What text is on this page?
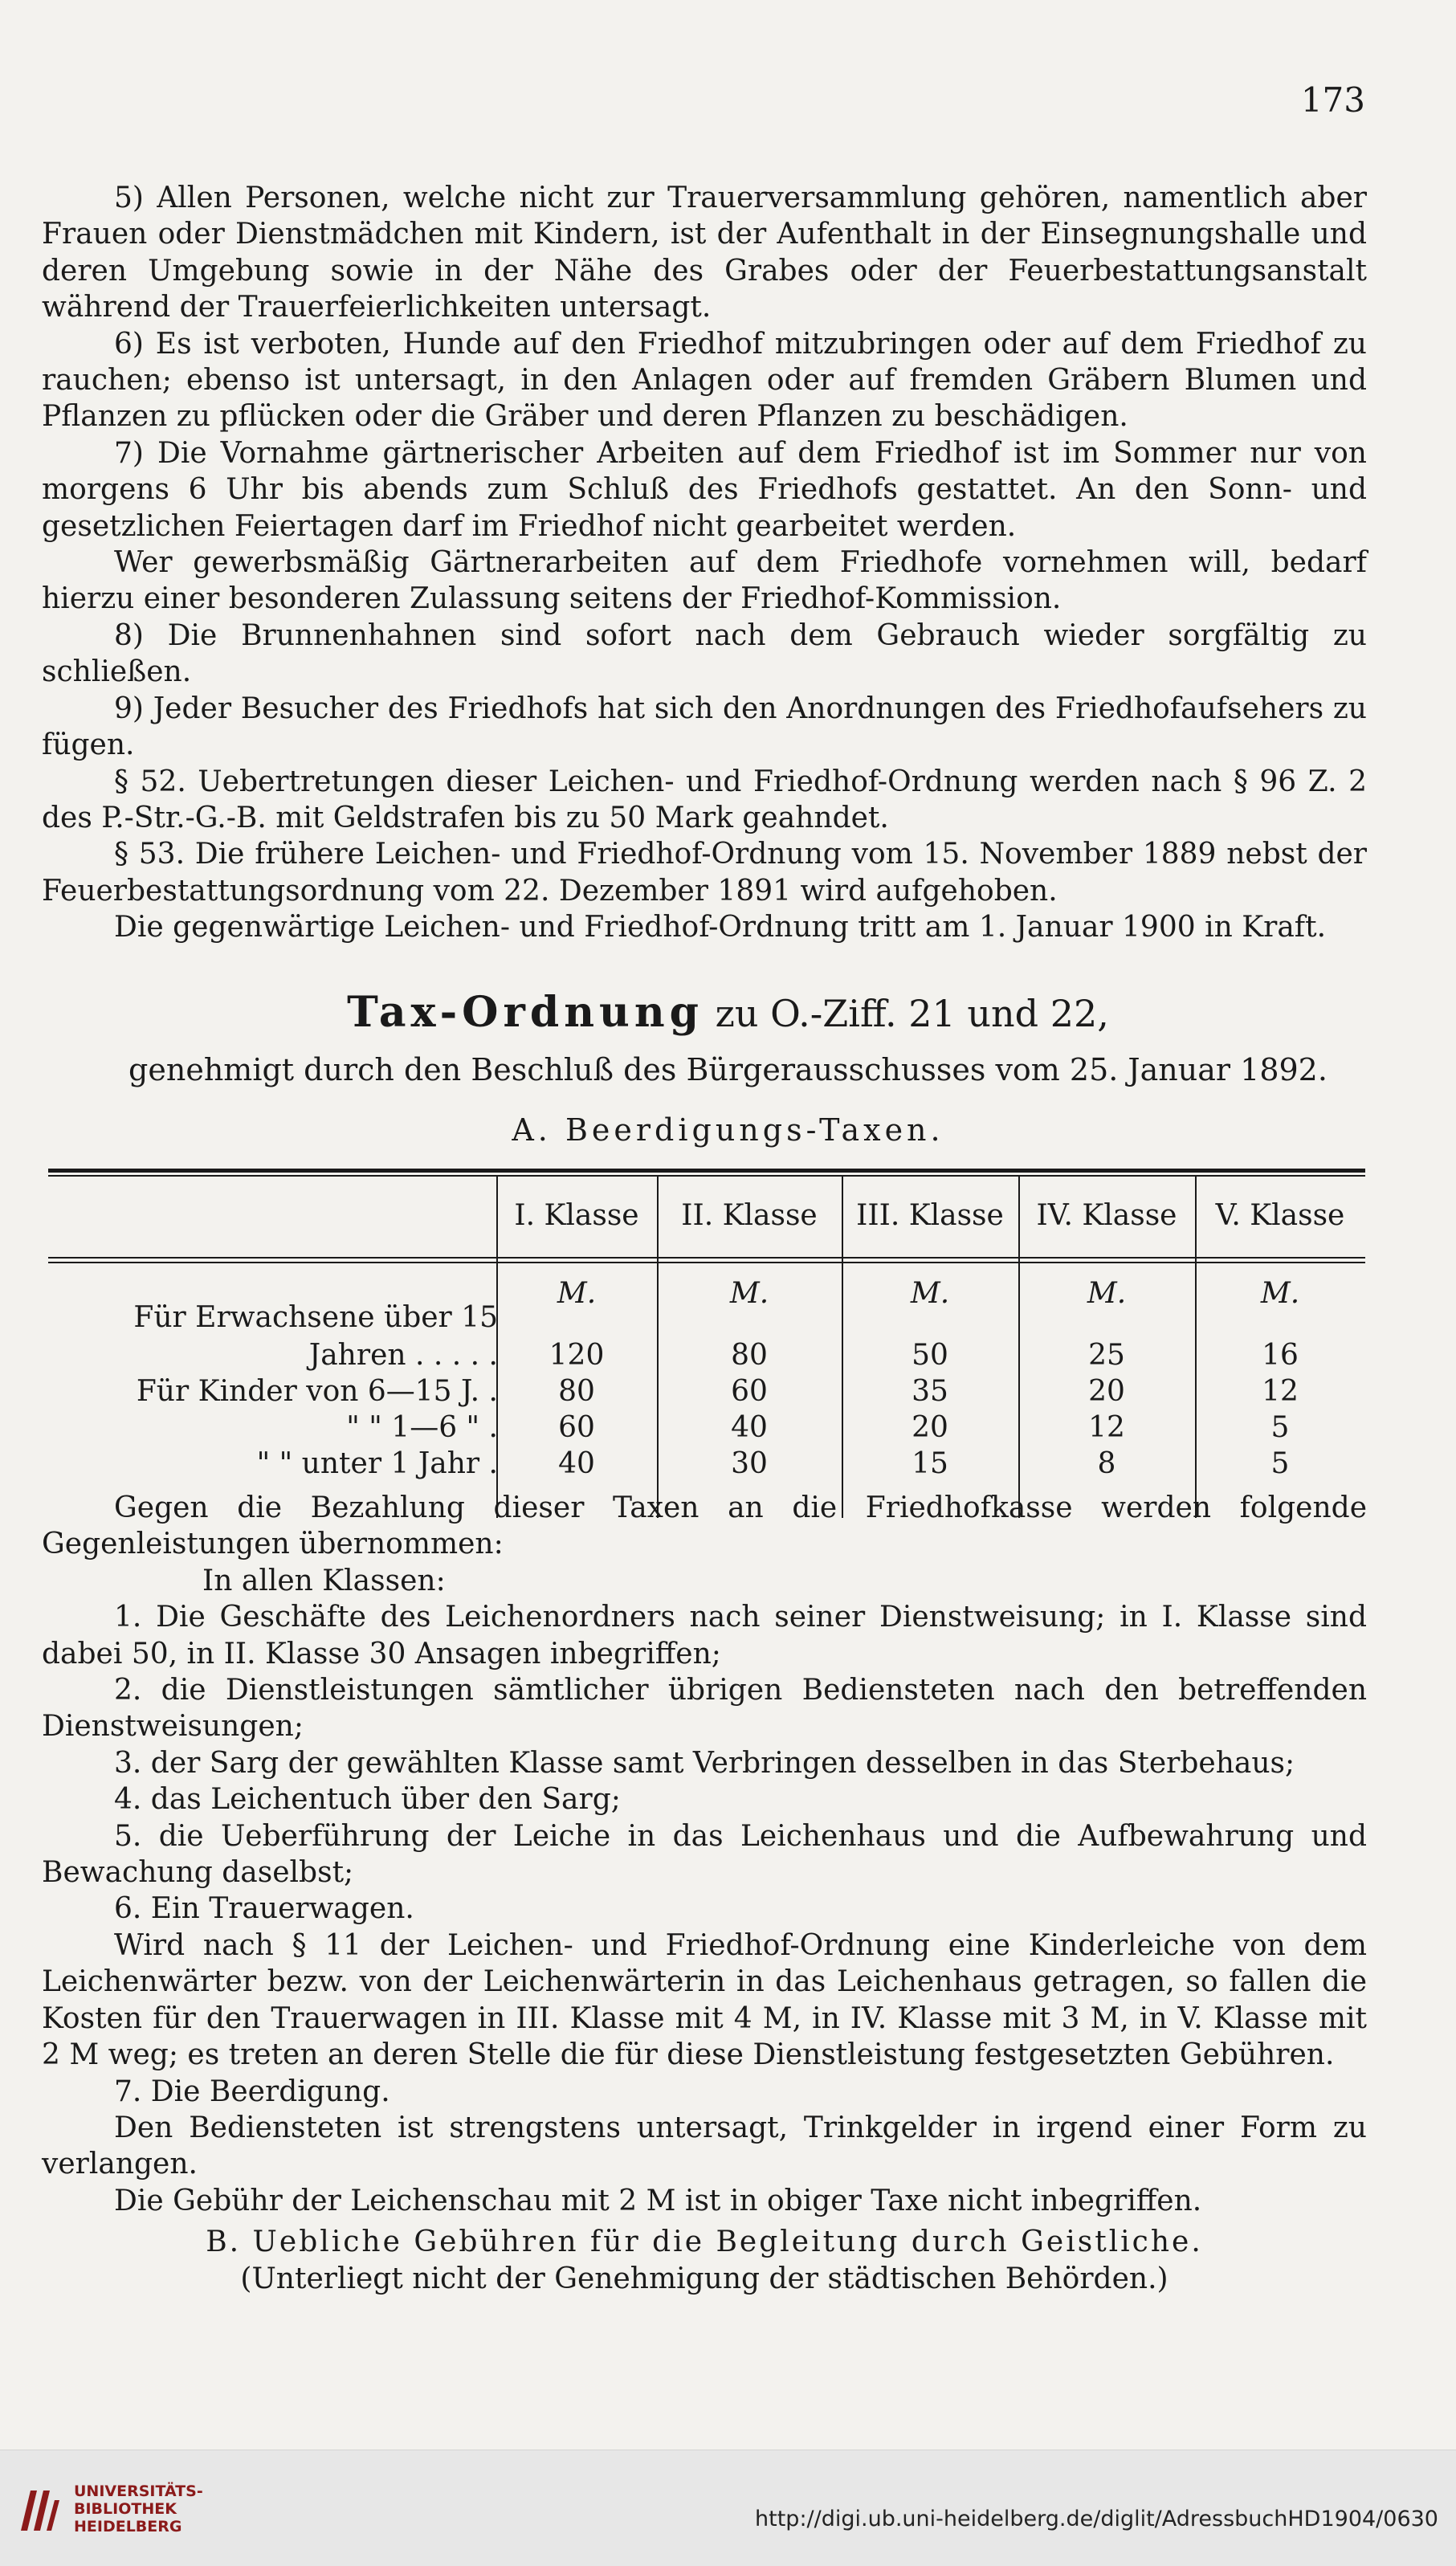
173

5) Allen Personen, welche nicht zur Trauerversammlung gehören, namentlich aber Frauen oder Dienstmädchen mit Kindern, ist der Aufenthalt in der Einsegnungshalle und deren Umgebung sowie in der Nähe des Grabes oder der Feuerbestattungsanstalt während der Trauerfeierlichkeiten untersagt.

6) Es ist verboten, Hunde auf den Friedhof mitzubringen oder auf dem Friedhof zu rauchen; ebenso ist untersagt, in den Anlagen oder auf fremden Gräbern Blumen und Pflanzen zu pflücken oder die Gräber und deren Pflanzen zu beschädigen.

7) Die Vornahme gärtnerischer Arbeiten auf dem Friedhof ist im Sommer nur von morgens 6 Uhr bis abends zum Schluß des Friedhofs gestattet. An den Sonn- und gesetzlichen Feiertagen darf im Friedhof nicht gearbeitet werden.

Wer gewerbsmäßig Gärtnerarbeiten auf dem Friedhofe vornehmen will, bedarf hierzu einer besonderen Zulassung seitens der Friedhof-Kommission.

8) Die Brunnenhahnen sind sofort nach dem Gebrauch wieder sorgfältig zu schließen.

9) Jeder Besucher des Friedhofs hat sich den Anordnungen des Friedhofaufsehers zu fügen.

§ 52. Uebertretungen dieser Leichen- und Friedhof-Ordnung werden nach § 96 Z. 2 des P.-Str.-G.-B. mit Geldstrafen bis zu 50 Mark geahndet.

§ 53. Die frühere Leichen- und Friedhof-Ordnung vom 15. November 1889 nebst der Feuerbestattungsordnung vom 22. Dezember 1891 wird aufgehoben.

Die gegenwärtige Leichen- und Friedhof-Ordnung tritt am 1. Januar 1900 in Kraft.

Tax-Ordnung zu O.-Ziff. 21 und 22,
genehmigt durch den Beschluß des Bürgerausschusses vom 25. Januar 1892.
A. Beerdigungs-Taxen.
I. Klasse	II. Klasse	III. Klasse	IV. Klasse	V. Klasse
M.	M.	M.	M.	M.
Für Erwachsene über 15
Jahren . . . . .	120	80	50	25	16
Für Kinder von 6—15 J. .	80	60	35	20	12
" " 1—6 " .	60	40	20	12	5
" " unter 1 Jahr .	40	30	15	8	5

Gegen die Bezahlung dieser Taxen an die Friedhofkasse werden folgende Gegenleistungen übernommen:

In allen Klassen:

1. Die Geschäfte des Leichenordners nach seiner Dienstweisung; in I. Klasse sind dabei 50, in II. Klasse 30 Ansagen inbegriffen;

2. die Dienstleistungen sämtlicher übrigen Bediensteten nach den betreffenden Dienstweisungen;

3. der Sarg der gewählten Klasse samt Verbringen desselben in das Sterbehaus;

4. das Leichentuch über den Sarg;

5. die Ueberführung der Leiche in das Leichenhaus und die Aufbewahrung und Bewachung daselbst;

6. Ein Trauerwagen.

Wird nach § 11 der Leichen- und Friedhof-Ordnung eine Kinderleiche von dem Leichenwärter bezw. von der Leichenwärterin in das Leichenhaus getragen, so fallen die Kosten für den Trauerwagen in III. Klasse mit 4 M, in IV. Klasse mit 3 M, in V. Klasse mit 2 M weg; es treten an deren Stelle die für diese Dienstleistung festgesetzten Gebühren.

7. Die Beerdigung.

Den Bediensteten ist strengstens untersagt, Trinkgelder in irgend einer Form zu verlangen.

Die Gebühr der Leichenschau mit 2 M ist in obiger Taxe nicht inbegriffen.

B. Uebliche Gebühren für die Begleitung durch Geistliche.

(Unterliegt nicht der Genehmigung der städtischen Behörden.)

UNIVERSITÄTS-
BIBLIOTHEK
HEIDELBERG	http://digi.ub.uni-heidelberg.de/diglit/AdressbuchHD1904/0630
